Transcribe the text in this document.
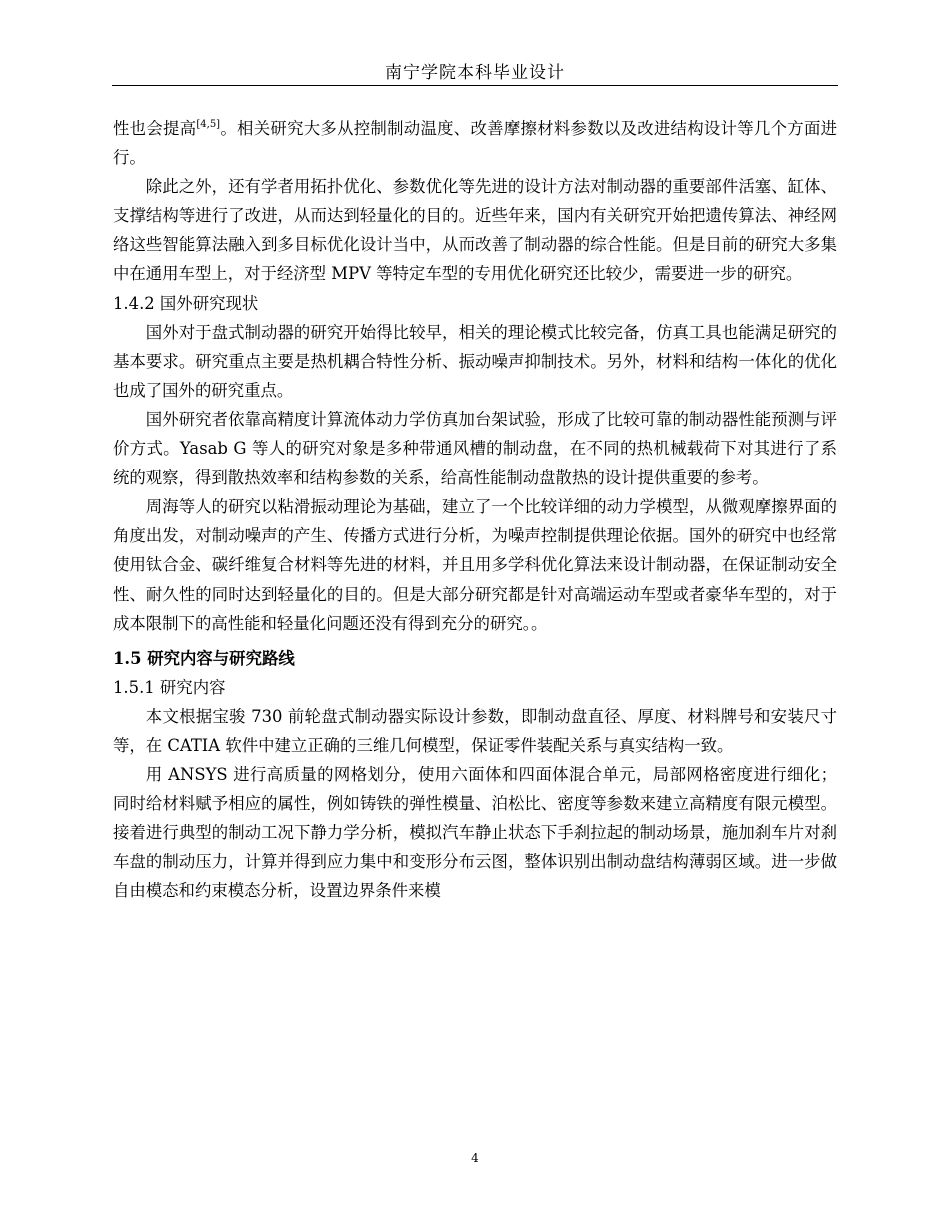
南宁学院本科毕业设计

性也会提高[4,5]。相关研究大多从控制制动温度、改善摩擦材料参数以及改进结构设计等几个方面进行。

除此之外，还有学者用拓扑优化、参数优化等先进的设计方法对制动器的重要部件活塞、缸体、支撑结构等进行了改进，从而达到轻量化的目的。近些年来，国内有关研究开始把遗传算法、神经网络这些智能算法融入到多目标优化设计当中，从而改善了制动器的综合性能。但是目前的研究大多集中在通用车型上，对于经济型 MPV 等特定车型的专用优化研究还比较少，需要进一步的研究。

1.4.2 国外研究现状

国外对于盘式制动器的研究开始得比较早，相关的理论模式比较完备，仿真工具也能满足研究的基本要求。研究重点主要是热机耦合特性分析、振动噪声抑制技术。另外，材料和结构一体化的优化也成了国外的研究重点。

国外研究者依靠高精度计算流体动力学仿真加台架试验，形成了比较可靠的制动器性能预测与评价方式。Yasab G 等人的研究对象是多种带通风槽的制动盘，在不同的热机械载荷下对其进行了系统的观察，得到散热效率和结构参数的关系，给高性能制动盘散热的设计提供重要的参考。

周海等人的研究以粘滑振动理论为基础，建立了一个比较详细的动力学模型，从微观摩擦界面的角度出发，对制动噪声的产生、传播方式进行分析，为噪声控制提供理论依据。国外的研究中也经常使用钛合金、碳纤维复合材料等先进的材料，并且用多学科优化算法来设计制动器，在保证制动安全性、耐久性的同时达到轻量化的目的。但是大部分研究都是针对高端运动车型或者豪华车型的，对于成本限制下的高性能和轻量化问题还没有得到充分的研究。。

1.5 研究内容与研究路线

1.5.1 研究内容

本文根据宝骏 730 前轮盘式制动器实际设计参数，即制动盘直径、厚度、材料牌号和安装尺寸等，在 CATIA 软件中建立正确的三维几何模型，保证零件装配关系与真实结构一致。

用 ANSYS 进行高质量的网格划分，使用六面体和四面体混合单元，局部网格密度进行细化；同时给材料赋予相应的属性，例如铸铁的弹性模量、泊松比、密度等参数来建立高精度有限元模型。接着进行典型的制动工况下静力学分析，模拟汽车静止状态下手刹拉起的制动场景，施加刹车片对刹车盘的制动压力，计算并得到应力集中和变形分布云图，整体识别出制动盘结构薄弱区域。进一步做自由模态和约束模态分析，设置边界条件来模

4
